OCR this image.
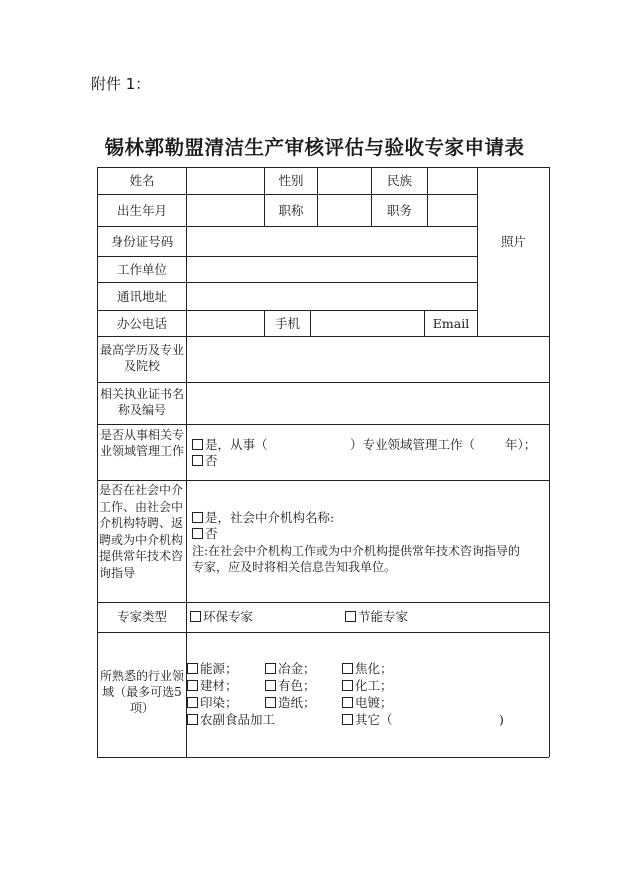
附件 1：
锡林郭勒盟清洁生产审核评估与验收专家申请表
姓名	性别	民族
出生年月	职称	职务
照片
身份证号码
工作单位
通讯地址
办公电话	手机	Email
最高学历及专业及院校
相关执业证书名称及编号
是否从事相关专业领域管理工作	是，从事（	）专业领域管理工作（ 年）；
否
是否在社会中介工作、由社会中介机构特聘、返聘或为中介机构提供常年技术咨询指导
是，社会中介机构名称:
否
注:在社会中介机构工作或为中介机构提供常年技术咨询指导的
专家，应及时将相关信息告知我单位。
专家类型	环保专家	节能专家
所熟悉的行业领域（最多可选5项）
能源；	冶金；	焦化；
建材；	有色；	化工；
印染；	造纸；	电镀；
农副食品加工	其它（	)
